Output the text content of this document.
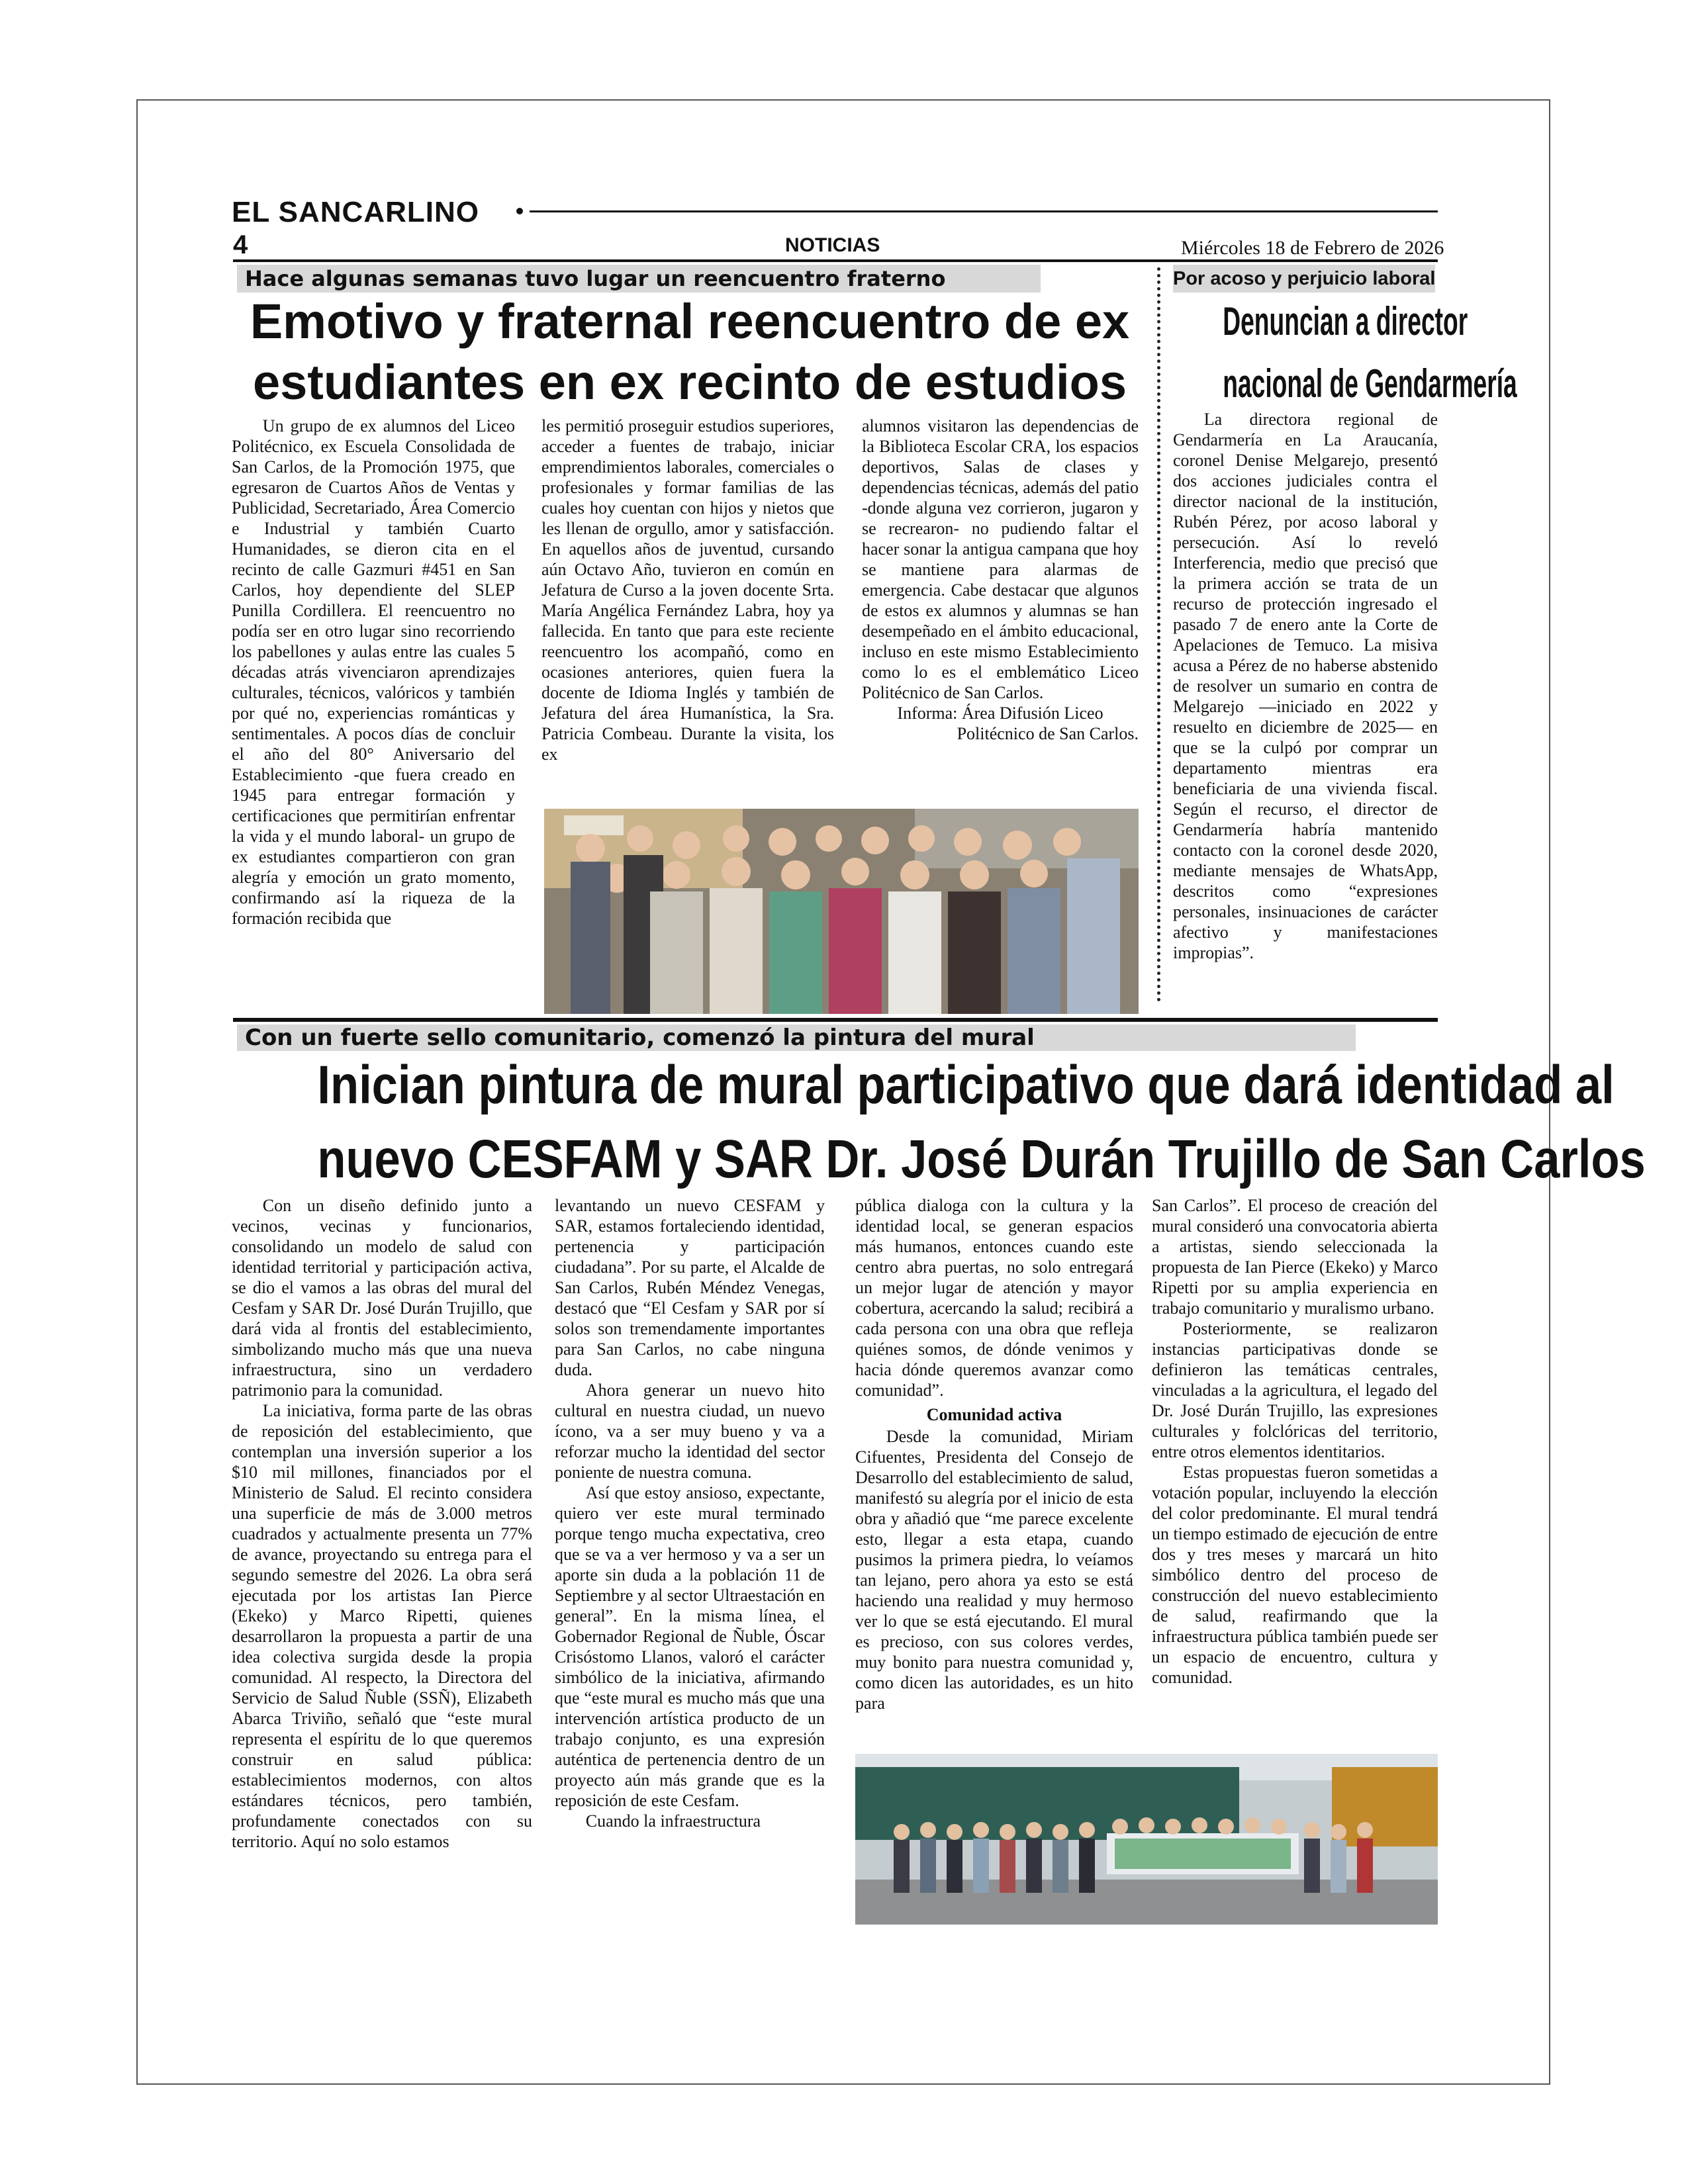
EL SANCARLINO
4	NOTICIAS	Miércoles 18 de Febrero de 2026
Hace algunas semanas tuvo lugar un reencuentro fraterno
Emotivo y fraternal reencuentro de ex
estudiantes en ex recinto de estudios

Un grupo de ex alumnos del Liceo Politécnico, ex Escuela Consolidada de San Carlos, de la Promoción 1975, que egresaron de Cuartos Años de Ventas y Publicidad, Secretariado, Área Comercio e Industrial y también Cuarto Humanidades, se dieron cita en el recinto de calle Gazmuri #451 en San Carlos, hoy dependiente del SLEP Punilla Cordillera. El reencuentro no podía ser en otro lugar sino recorriendo los pabellones y aulas entre las cuales 5 décadas atrás vivenciaron aprendizajes culturales, técnicos, valóricos y también por qué no, experiencias románticas y sentimentales. A pocos días de concluir el año del 80° Aniversario del Establecimiento -que fuera creado en 1945 para entregar formación y certificaciones que permitirían enfrentar la vida y el mundo laboral- un grupo de ex estudiantes compartieron con gran alegría y emoción un grato momento, confirmando así la riqueza de la formación recibida que

les permitió proseguir estudios superiores, acceder a fuentes de trabajo, iniciar emprendimientos laborales, comerciales o profesionales y formar familias de las cuales hoy cuentan con hijos y nietos que les llenan de orgullo, amor y satisfacción. En aquellos años de juventud, cursando aún Octavo Año, tuvieron en común en Jefatura de Curso a la joven docente Srta. María Angélica Fernández Labra, hoy ya fallecida. En tanto que para este reciente reencuentro los acompañó, como en ocasiones anteriores, quien fuera la docente de Idioma Inglés y también de Jefatura del área Humanística, la Sra. Patricia Combeau. Durante la visita, los ex

alumnos visitaron las dependencias de la Biblioteca Escolar CRA, los espacios deportivos, Salas de clases y dependencias técnicas, además del patio -donde alguna vez corrieron, jugaron y se recrearon- no pudiendo faltar el hacer sonar la antigua campana que hoy se mantiene para alarmas de emergencia. Cabe destacar que algunos de estos ex alumnos y alumnas se han desempeñado en el ámbito educacional, incluso en este mismo Establecimiento como lo es el emblemático Liceo Politécnico de San Carlos.

Informa: Área Difusión Liceo

Politécnico de San Carlos.

Por acoso y perjuicio laboral
Denuncian a director
nacional de Gendarmería

La directora regional de Gendarmería en La Araucanía, coronel Denise Melgarejo, presentó dos acciones judiciales contra el director nacional de la institución, Rubén Pérez, por acoso laboral y persecución. Así lo reveló Interferencia, medio que precisó que la primera acción se trata de un recurso de protección ingresado el pasado 7 de enero ante la Corte de Apelaciones de Temuco. La misiva acusa a Pérez de no haberse abstenido de resolver un sumario en contra de Melgarejo —iniciado en 2022 y resuelto en diciembre de 2025— en que se la culpó por comprar un departamento mientras era beneficiaria de una vivienda fiscal. Según el recurso, el director de Gendarmería habría mantenido contacto con la coronel desde 2020, mediante mensajes de WhatsApp, descritos como “expresiones personales, insinuaciones de carácter afectivo y manifestaciones impropias”.

Con un fuerte sello comunitario, comenzó la pintura del mural
Inician pintura de mural participativo que dará identidad al
nuevo CESFAM y SAR Dr. José Durán Trujillo de San Carlos

Con un diseño definido junto a vecinos, vecinas y funcionarios, consolidando un modelo de salud con identidad territorial y participación activa, se dio el vamos a las obras del mural del Cesfam y SAR Dr. José Durán Trujillo, que dará vida al frontis del establecimiento, simbolizando mucho más que una nueva infraestructura, sino un verdadero patrimonio para la comunidad.

La iniciativa, forma parte de las obras de reposición del establecimiento, que contemplan una inversión superior a los $10 mil millones, financiados por el Ministerio de Salud. El recinto considera una superficie de más de 3.000 metros cuadrados y actualmente presenta un 77% de avance, proyectando su entrega para el segundo semestre del 2026. La obra será ejecutada por los artistas Ian Pierce (Ekeko) y Marco Ripetti, quienes desarrollaron la propuesta a partir de una idea colectiva surgida desde la propia comunidad. Al respecto, la Directora del Servicio de Salud Ñuble (SSÑ), Elizabeth Abarca Triviño, señaló que “este mural representa el espíritu de lo que queremos construir en salud pública: establecimientos modernos, con altos estándares técnicos, pero también, profundamente conectados con su territorio. Aquí no solo estamos

levantando un nuevo CESFAM y SAR, estamos fortaleciendo identidad, pertenencia y participación ciudadana”. Por su parte, el Alcalde de San Carlos, Rubén Méndez Venegas, destacó que “El Cesfam y SAR por sí solos son tremendamente importantes para San Carlos, no cabe ninguna duda.

Ahora generar un nuevo hito cultural en nuestra ciudad, un nuevo ícono, va a ser muy bueno y va a reforzar mucho la identidad del sector poniente de nuestra comuna.

Así que estoy ansioso, expectante, quiero ver este mural terminado porque tengo mucha expectativa, creo que se va a ver hermoso y va a ser un aporte sin duda a la población 11 de Septiembre y al sector Ultraestación en general”. En la misma línea, el Gobernador Regional de Ñuble, Óscar Crisóstomo Llanos, valoró el carácter simbólico de la iniciativa, afirmando que “este mural es mucho más que una intervención artística producto de un trabajo conjunto, es una expresión auténtica de pertenencia dentro de un proyecto aún más grande que es la reposición de este Cesfam.

Cuando la infraestructura

pública dialoga con la cultura y la identidad local, se generan espacios más humanos, entonces cuando este centro abra puertas, no solo entregará un mejor lugar de atención y mayor cobertura, acercando la salud; recibirá a cada persona con una obra que refleja quiénes somos, de dónde venimos y hacia dónde queremos avanzar como comunidad”.

Comunidad activa

Desde la comunidad, Miriam Cifuentes, Presidenta del Consejo de Desarrollo del establecimiento de salud, manifestó su alegría por el inicio de esta obra y añadió que “me parece excelente esto, llegar a esta etapa, cuando pusimos la primera piedra, lo veíamos tan lejano, pero ahora ya esto se está haciendo una realidad y muy hermoso ver lo que se está ejecutando. El mural es precioso, con sus colores verdes, muy bonito para nuestra comunidad y, como dicen las autoridades, es un hito para

San Carlos”. El proceso de creación del mural consideró una convocatoria abierta a artistas, siendo seleccionada la propuesta de Ian Pierce (Ekeko) y Marco Ripetti por su amplia experiencia en trabajo comunitario y muralismo urbano.

Posteriormente, se realizaron instancias participativas donde se definieron las temáticas centrales, vinculadas a la agricultura, el legado del Dr. José Durán Trujillo, las expresiones culturales y folclóricas del territorio, entre otros elementos identitarios.

Estas propuestas fueron sometidas a votación popular, incluyendo la elección del color predominante. El mural tendrá un tiempo estimado de ejecución de entre dos y tres meses y marcará un hito simbólico dentro del proceso de construcción del nuevo establecimiento de salud, reafirmando que la infraestructura pública también puede ser un espacio de encuentro, cultura y comunidad.
